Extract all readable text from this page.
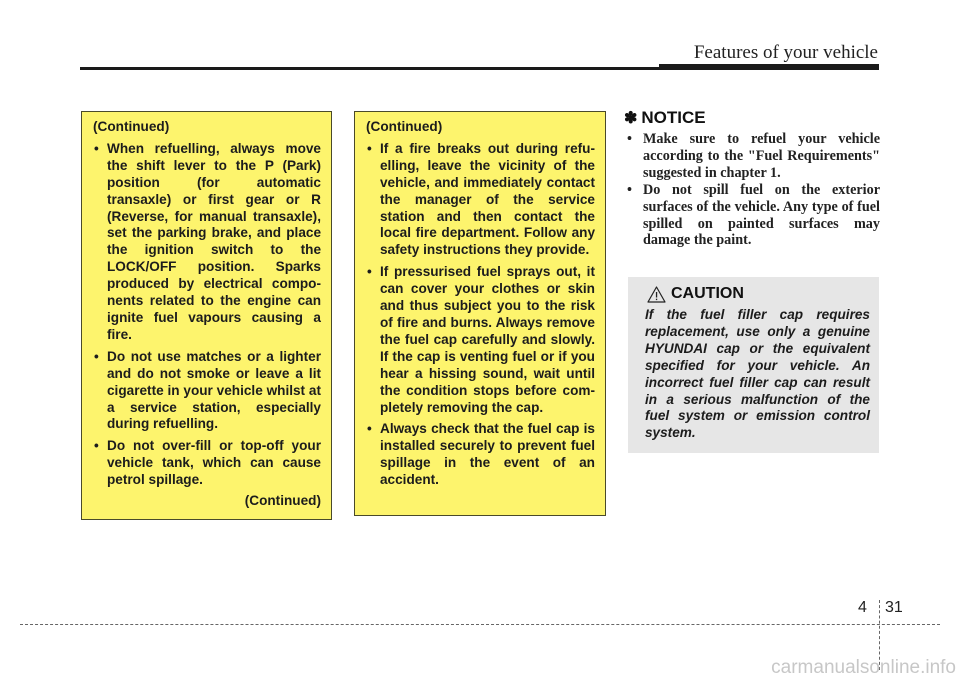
Features of your vehicle
(Continued)
• When refuelling, always move the shift lever to the P (Park) position (for automatic transaxle) or first gear or R (Reverse, for manual transaxle), set the parking brake, and place the ignition switch to the LOCK/OFF position. Sparks produced by electrical components related to the engine can ignite fuel vapours causing a fire.
• Do not use matches or a lighter and do not smoke or leave a lit cigarette in your vehicle whilst at a service station, especially during refuelling.
• Do not over-fill or top-off your vehicle tank, which can cause petrol spillage.
(Continued)
(Continued)
• If a fire breaks out during refuelling, leave the vicinity of the vehicle, and immediately contact the manager of the service station and then contact the local fire department. Follow any safety instructions they provide.
• If pressurised fuel sprays out, it can cover your clothes or skin and thus subject you to the risk of fire and burns. Always remove the fuel cap carefully and slowly. If the cap is venting fuel or if you hear a hissing sound, wait until the condition stops before completely removing the cap.
• Always check that the fuel cap is installed securely to prevent fuel spillage in the event of an accident.
✽ NOTICE
• Make sure to refuel your vehicle according to the "Fuel Requirements" suggested in chapter 1.
• Do not spill fuel on the exterior surfaces of the vehicle. Any type of fuel spilled on painted surfaces may damage the paint.
CAUTION
If the fuel filler cap requires replacement, use only a genuine HYUNDAI cap or the equivalent specified for your vehicle. An incorrect fuel filler cap can result in a serious malfunction of the fuel system or emission control system.
4 31
carmanualsonline.info
